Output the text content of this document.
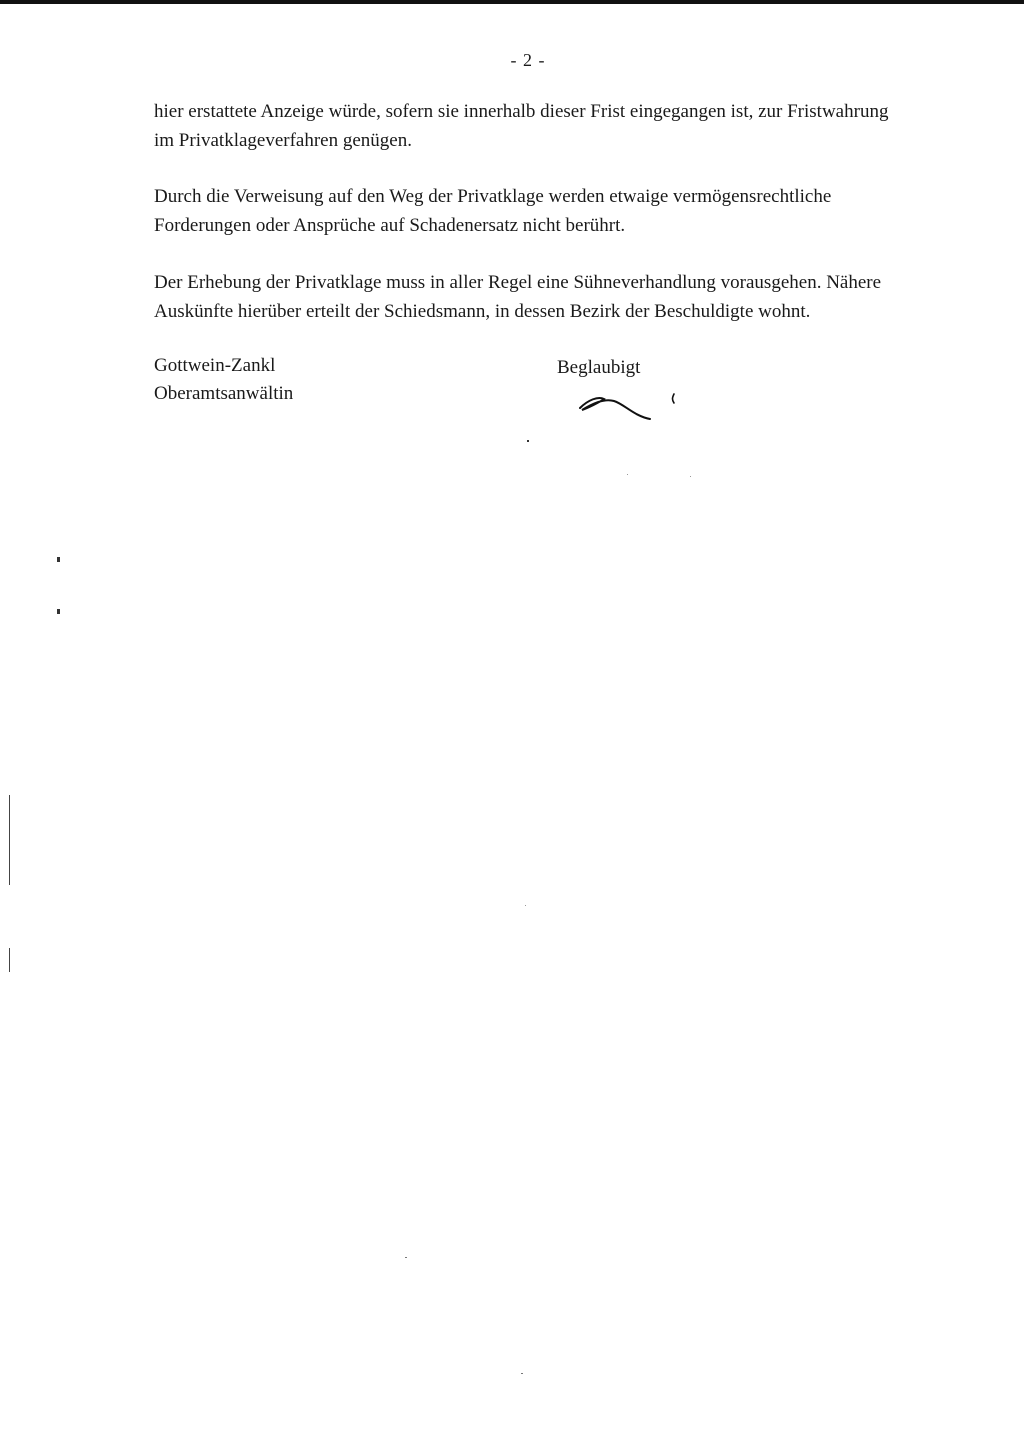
- 2 -

hier erstattete Anzeige würde, sofern sie innerhalb dieser Frist eingegangen ist, zur Fristwahrung
im Privatklageverfahren genügen.

Durch die Verweisung auf den Weg der Privatklage werden etwaige vermögensrechtliche
Forderungen oder Ansprüche auf Schadenersatz nicht berührt.

Der Erhebung der Privatklage muss in aller Regel eine Sühneverhandlung vorausgehen. Nähere
Auskünfte hierüber erteilt der Schiedsmann, in dessen Bezirk der Beschuldigte wohnt.

Gottwein-Zankl
Oberamtsanwältin
Beglaubigt
